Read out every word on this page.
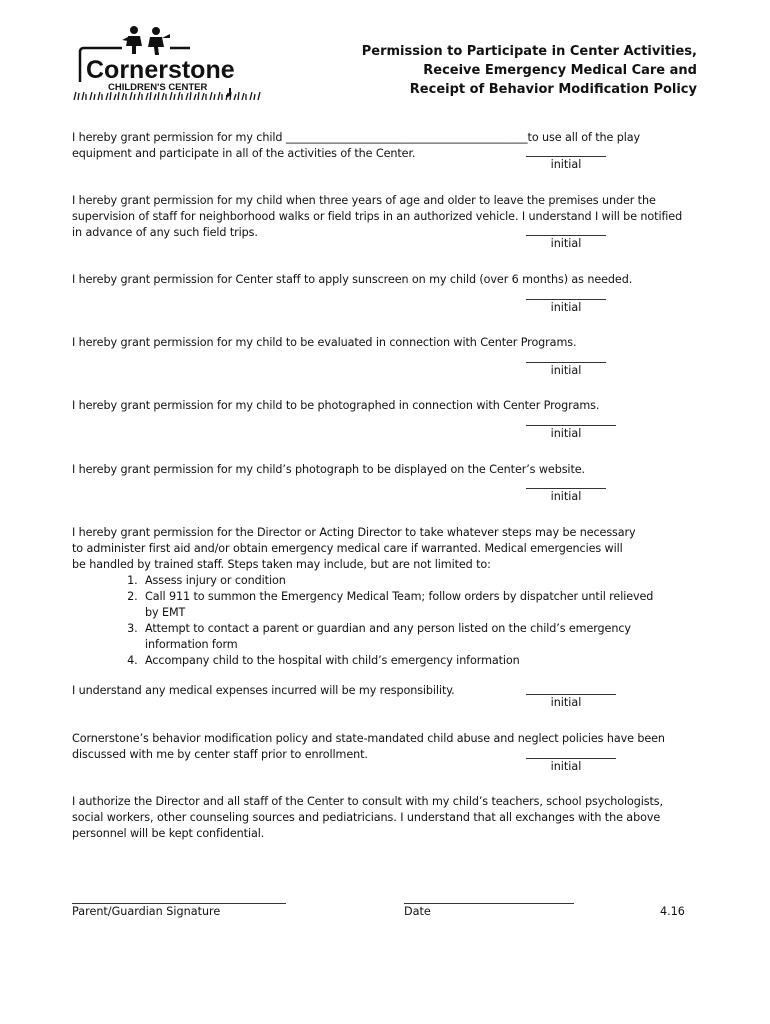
Cornerstone
CHILDREN'S CENTER
Permission to Participate in Center Activities,
Receive Emergency Medical Care and
Receipt of Behavior Modification Policy
I hereby grant permission for my child ____________________________________________to use all of the play
equipment and participate in all of the activities of the Center.
initial
I hereby grant permission for my child when three years of age and older to leave the premises under the
supervision of staff for neighborhood walks or field trips in an authorized vehicle. I understand I will be notified
in advance of any such field trips.
initial
I hereby grant permission for Center staff to apply sunscreen on my child (over 6 months) as needed.
initial
I hereby grant permission for my child to be evaluated in connection with Center Programs.
initial
I hereby grant permission for my child to be photographed in connection with Center Programs.
initial
I hereby grant permission for my child’s photograph to be displayed on the Center’s website.
initial
I hereby grant permission for the Director or Acting Director to take whatever steps may be necessary
to administer first aid and/or obtain emergency medical care if warranted. Medical emergencies will
be handled by trained staff. Steps taken may include, but are not limited to:
1. Assess injury or condition
2. Call 911 to summon the Emergency Medical Team; follow orders by dispatcher until relieved by EMT
3. Attempt to contact a parent or guardian and any person listed on the child’s emergency information form
4. Accompany child to the hospital with child’s emergency information
I understand any medical expenses incurred will be my responsibility.
initial
Cornerstone’s behavior modification policy and state-mandated child abuse and neglect policies have been
discussed with me by center staff prior to enrollment.
initial
I authorize the Director and all staff of the Center to consult with my child’s teachers, school psychologists,
social workers, other counseling sources and pediatricians. I understand that all exchanges with the above
personnel will be kept confidential.
Parent/Guardian Signature	Date	4.16
